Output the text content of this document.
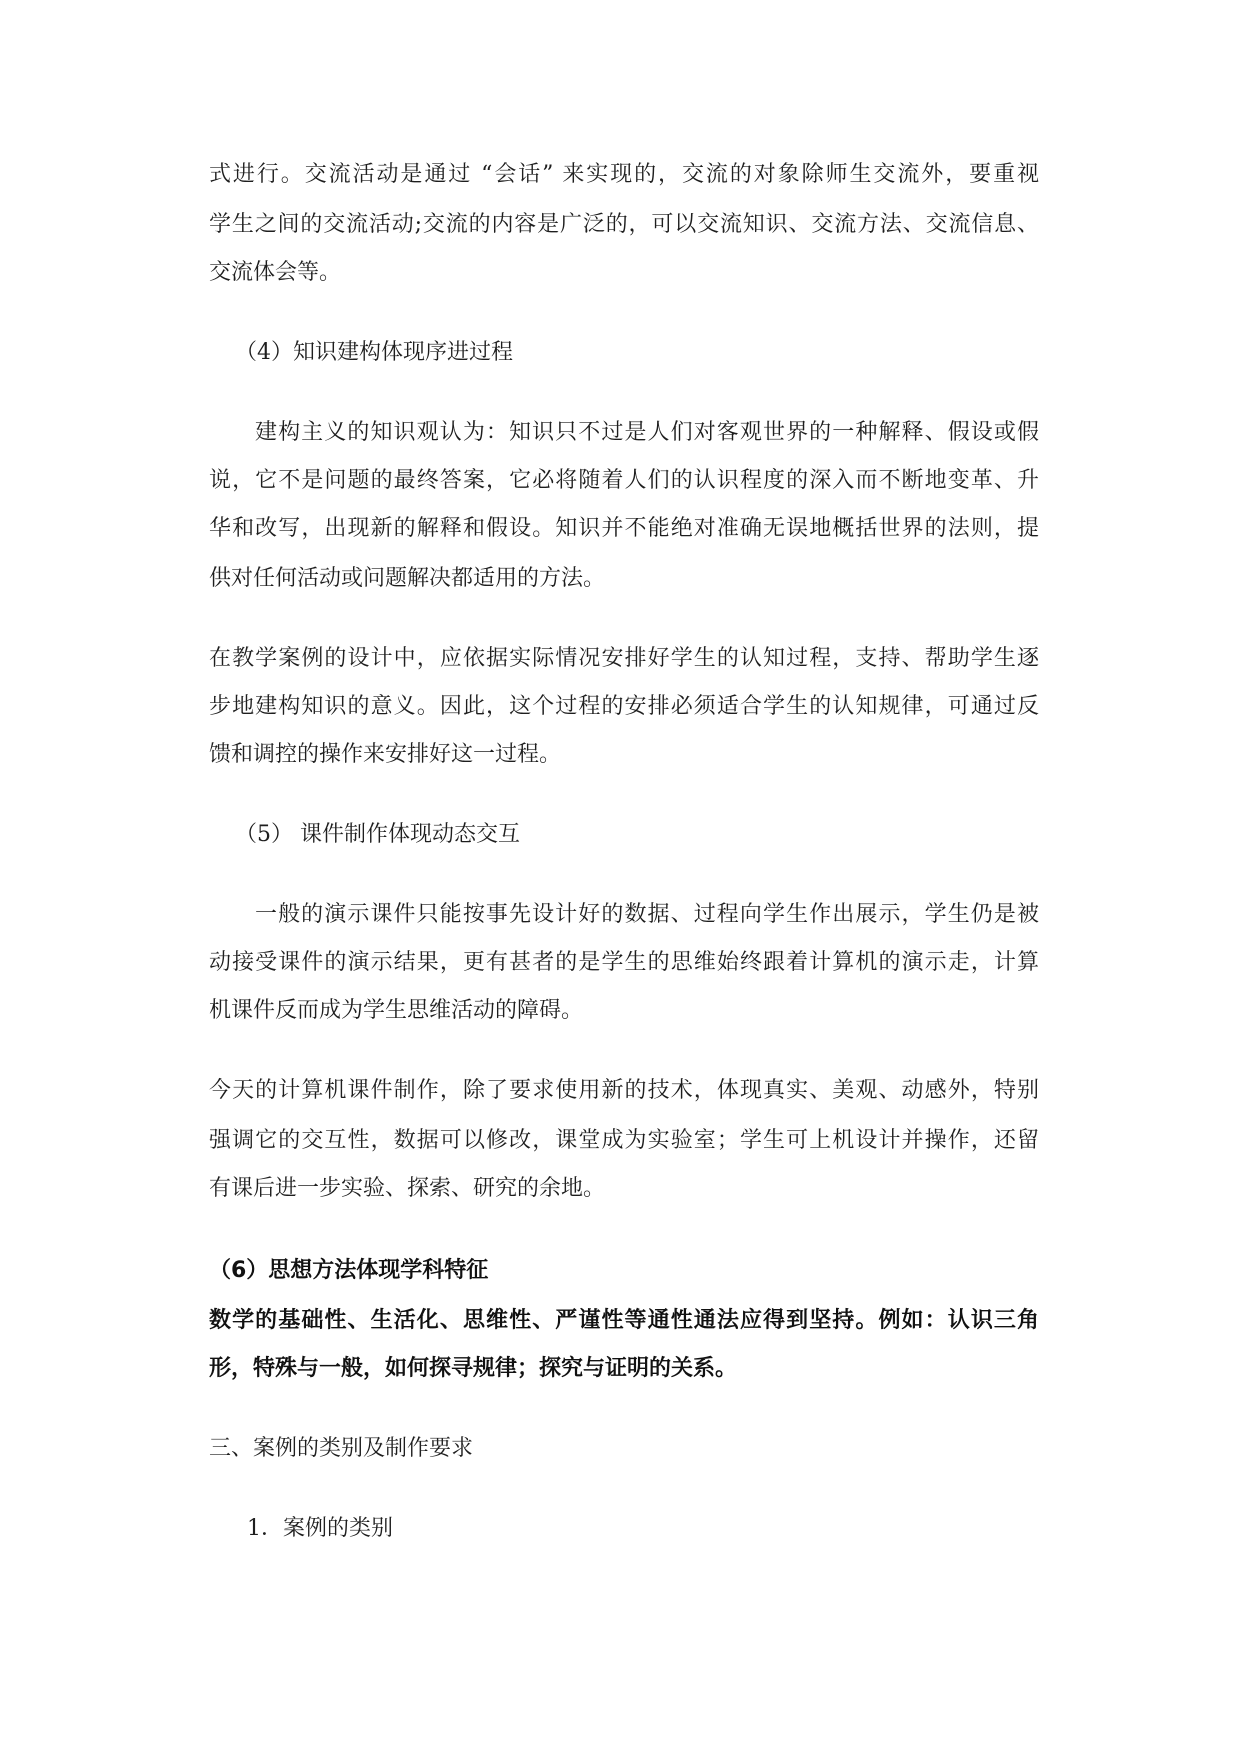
式进行。交流活动是通过 “会话” 来实现的，交流的对象除师生交流外，要重视
学生之间的交流活动;交流的内容是广泛的，可以交流知识、交流方法、交流信息、
交流体会等。
（4）知识建构体现序进过程
建构主义的知识观认为：知识只不过是人们对客观世界的一种解释、假设或假
说，它不是问题的最终答案，它必将随着人们的认识程度的深入而不断地变革、升
华和改写，出现新的解释和假设。知识并不能绝对准确无误地概括世界的法则，提
供对任何活动或问题解决都适用的方法。
在教学案例的设计中，应依据实际情况安排好学生的认知过程，支持、帮助学生逐
步地建构知识的意义。因此，这个过程的安排必须适合学生的认知规律，可通过反
馈和调控的操作来安排好这一过程。
（5） 课件制作体现动态交互
一般的演示课件只能按事先设计好的数据、过程向学生作出展示，学生仍是被
动接受课件的演示结果，更有甚者的是学生的思维始终跟着计算机的演示走，计算
机课件反而成为学生思维活动的障碍。
今天的计算机课件制作，除了要求使用新的技术，体现真实、美观、动感外，特别
强调它的交互性，数据可以修改，课堂成为实验室；学生可上机设计并操作，还留
有课后进一步实验、探索、研究的余地。
（6）思想方法体现学科特征
数学的基础性、生活化、思维性、严谨性等通性通法应得到坚持。例如：认识三角
形，特殊与一般，如何探寻规律；探究与证明的关系。
三、案例的类别及制作要求
1．案例的类别
